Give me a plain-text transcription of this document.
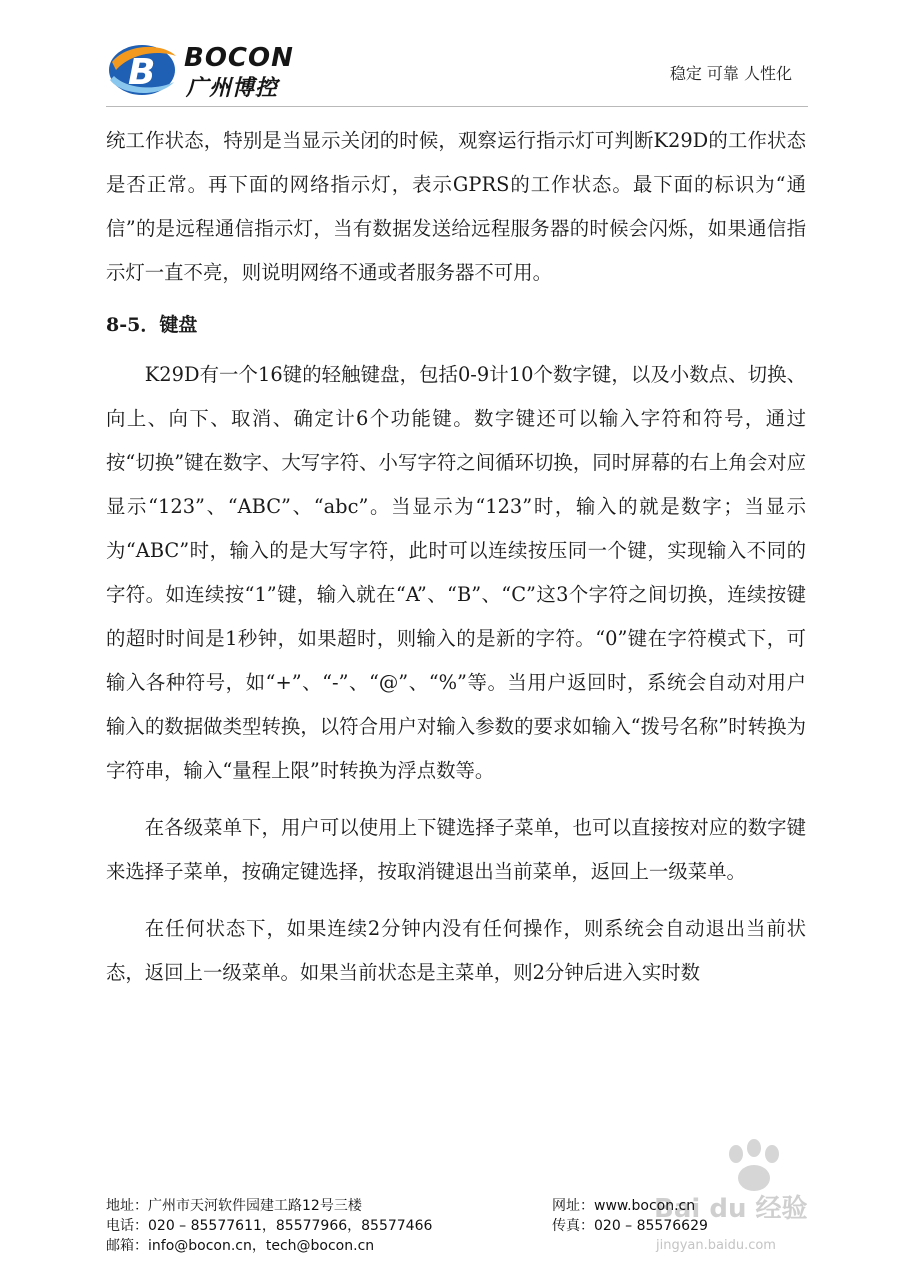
B BOCON
广州博控
稳定 可靠 人性化

统工作状态，特别是当显示关闭的时候，观察运行指示灯可判断K29D的工作状态是否正常。再下面的网络指示灯，表示GPRS的工作状态。最下面的标识为“通信”的是远程通信指示灯，当有数据发送给远程服务器的时候会闪烁，如果通信指示灯一直不亮，则说明网络不通或者服务器不可用。

8-5．键盘

K29D有一个16键的轻触键盘，包括0-9计10个数字键，以及小数点、切换、向上、向下、取消、确定计6个功能键。数字键还可以输入字符和符号，通过按“切换”键在数字、大写字符、小写字符之间循环切换，同时屏幕的右上角会对应显示“123”、“ABC”、“abc”。当显示为“123”时，输入的就是数字；当显示为“ABC”时，输入的是大写字符，此时可以连续按压同一个键，实现输入不同的字符。如连续按“1”键，输入就在“A”、“B”、“C”这3个字符之间切换，连续按键的超时时间是1秒钟，如果超时，则输入的是新的字符。“0”键在字符模式下，可输入各种符号，如“+”、“-”、“@”、“%”等。当用户返回时，系统会自动对用户输入的数据做类型转换，以符合用户对输入参数的要求如输入“拨号名称”时转换为字符串，输入“量程上限”时转换为浮点数等。

在各级菜单下，用户可以使用上下键选择子菜单，也可以直接按对应的数字键来选择子菜单，按确定键选择，按取消键退出当前菜单，返回上一级菜单。

在任何状态下，如果连续2分钟内没有任何操作，则系统会自动退出当前状态，返回上一级菜单。如果当前状态是主菜单，则2分钟后进入实时数

Bai du 经验
jingyan.baidu.com
地址：广州市天河软件园建工路12号三楼
电话：020 – 85577611，85577966，85577466
邮箱：info@bocon.cn，tech@bocon.cn
网址：www.bocon.cn
传真：020 – 85576629
